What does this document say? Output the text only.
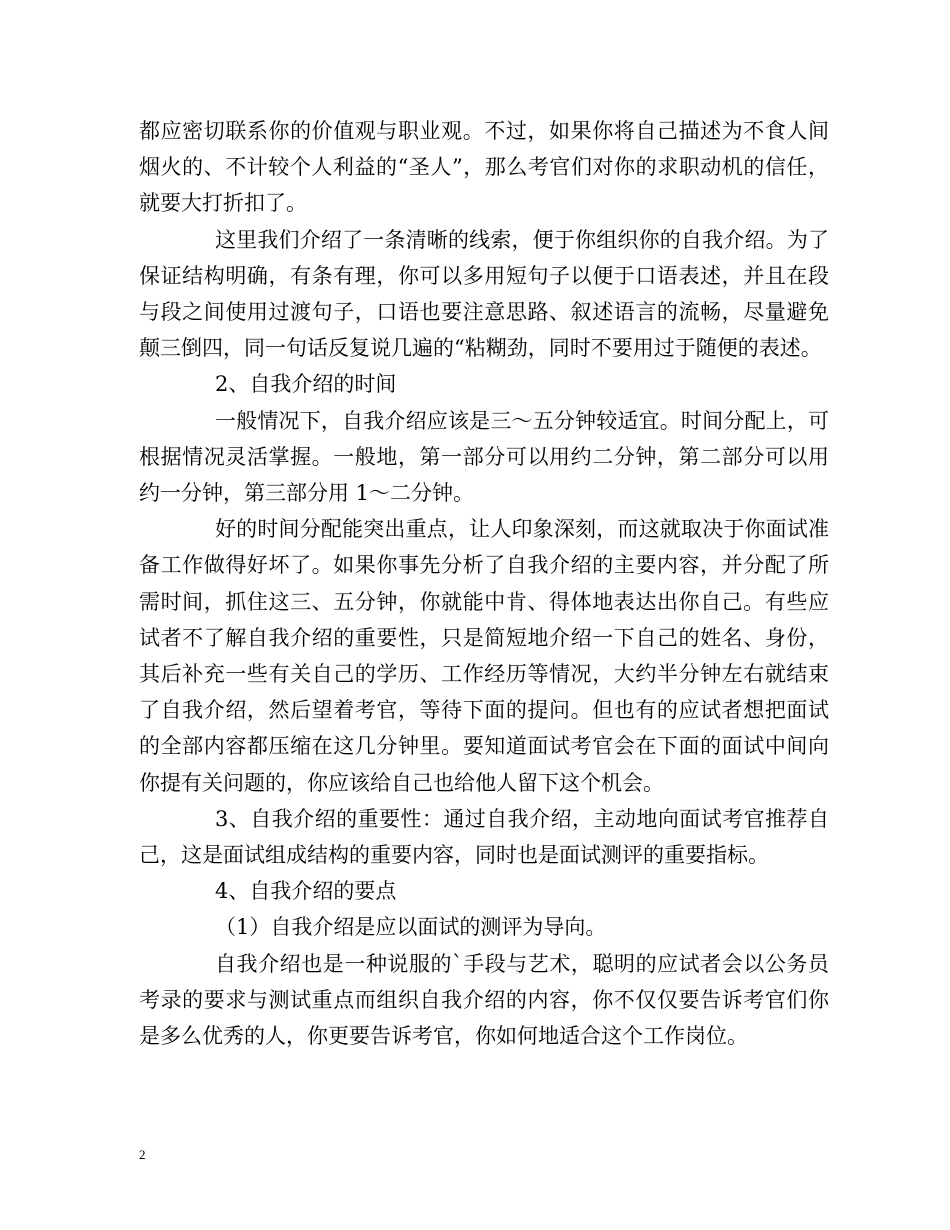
都应密切联系你的价值观与职业观。不过，如果你将自己描述为不食人间烟火的、不计较个人利益的“圣人”，那么考官们对你的求职动机的信任，就要大打折扣了。

这里我们介绍了一条清晰的线索，便于你组织你的自我介绍。为了保证结构明确，有条有理，你可以多用短句子以便于口语表述，并且在段与段之间使用过渡句子，口语也要注意思路、叙述语言的流畅，尽量避免颠三倒四，同一句话反复说几遍的“粘糊劲，同时不要用过于随便的表述。

2、自我介绍的时间

一般情况下，自我介绍应该是三～五分钟较适宜。时间分配上，可根据情况灵活掌握。一般地，第一部分可以用约二分钟，第二部分可以用约一分钟，第三部分用 1～二分钟。

好的时间分配能突出重点，让人印象深刻，而这就取决于你面试准备工作做得好坏了。如果你事先分析了自我介绍的主要内容，并分配了所需时间，抓住这三、五分钟，你就能中肯、得体地表达出你自己。有些应试者不了解自我介绍的重要性，只是简短地介绍一下自己的姓名、身份，其后补充一些有关自己的学历、工作经历等情况，大约半分钟左右就结束了自我介绍，然后望着考官，等待下面的提问。但也有的应试者想把面试的全部内容都压缩在这几分钟里。要知道面试考官会在下面的面试中间向你提有关问题的，你应该给自己也给他人留下这个机会。

3、自我介绍的重要性：通过自我介绍，主动地向面试考官推荐自己，这是面试组成结构的重要内容，同时也是面试测评的重要指标。

4、自我介绍的要点

（1）自我介绍是应以面试的测评为导向。

自我介绍也是一种说服的`手段与艺术，聪明的应试者会以公务员考录的要求与测试重点而组织自我介绍的内容，你不仅仅要告诉考官们你是多么优秀的人，你更要告诉考官，你如何地适合这个工作岗位。

2
